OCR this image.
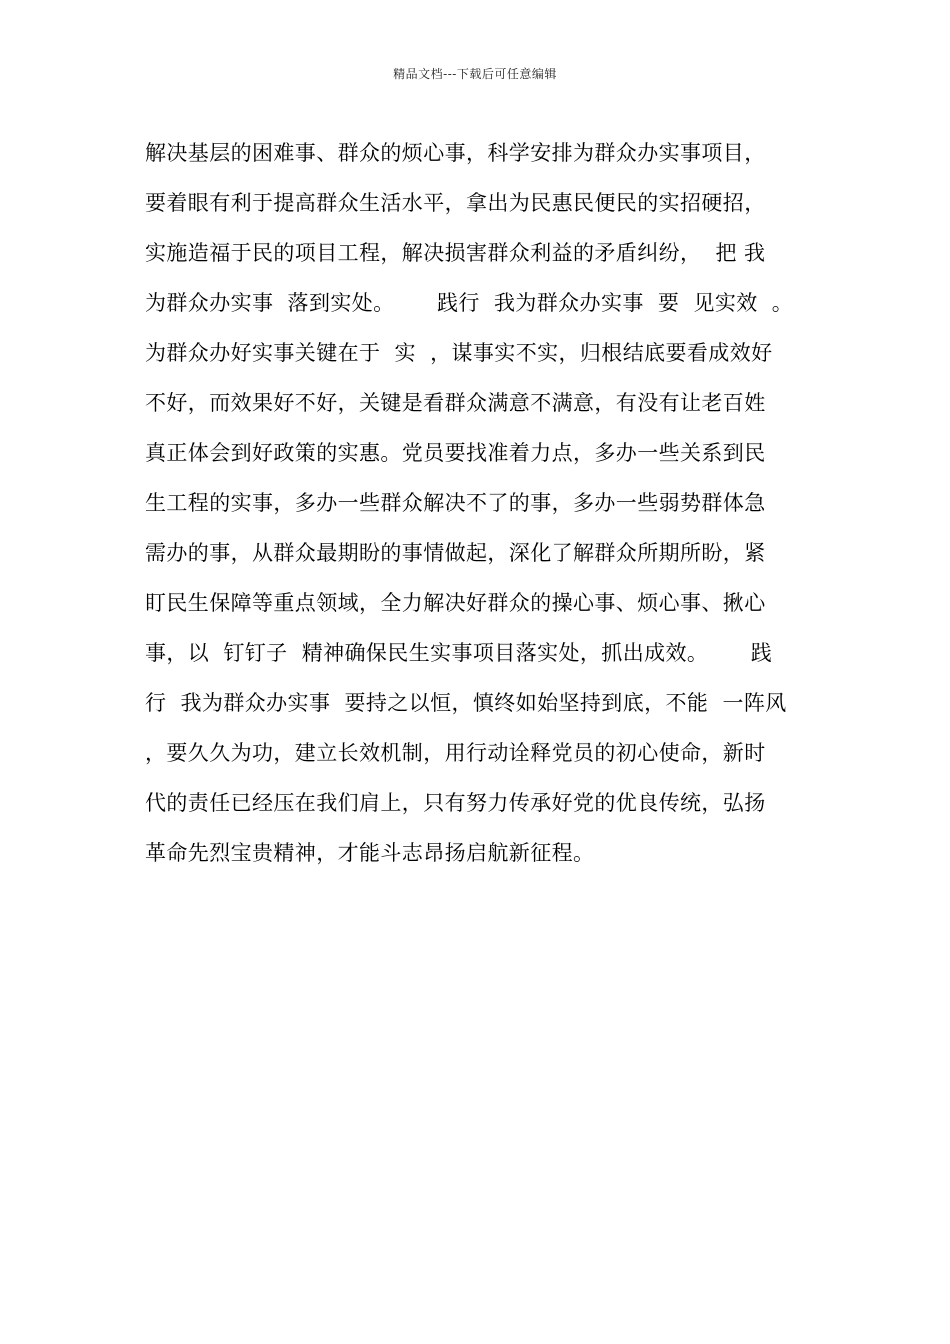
精品文档---下载后可任意编辑
解决基层的困难事、群众的烦心事，科学安排为群众办实事项目，
要着眼有利于提高群众生活水平，拿出为民惠民便民的实招硬招，
实施造福于民的项目工程，解决损害群众利益的矛盾纠纷，  把 我
为群众办实事  落到实处。      践行  我为群众办实事  要  见实效  。
为群众办好实事关键在于  实  ，谋事实不实，归根结底要看成效好
不好，而效果好不好，关键是看群众满意不满意，有没有让老百姓
真正体会到好政策的实惠。党员要找准着力点，多办一些关系到民
生工程的实事，多办一些群众解决不了的事，多办一些弱势群体急
需办的事，从群众最期盼的事情做起，深化了解群众所期所盼，紧
盯民生保障等重点领域，全力解决好群众的操心事、烦心事、揪心
事，以  钉钉子  精神确保民生实事项目落实处，抓出成效。      践
行  我为群众办实事  要持之以恒，慎终如始坚持到底，不能  一阵风
，要久久为功，建立长效机制，用行动诠释党员的初心使命，新时
代的责任已经压在我们肩上，只有努力传承好党的优良传统，弘扬
革命先烈宝贵精神，才能斗志昂扬启航新征程。
